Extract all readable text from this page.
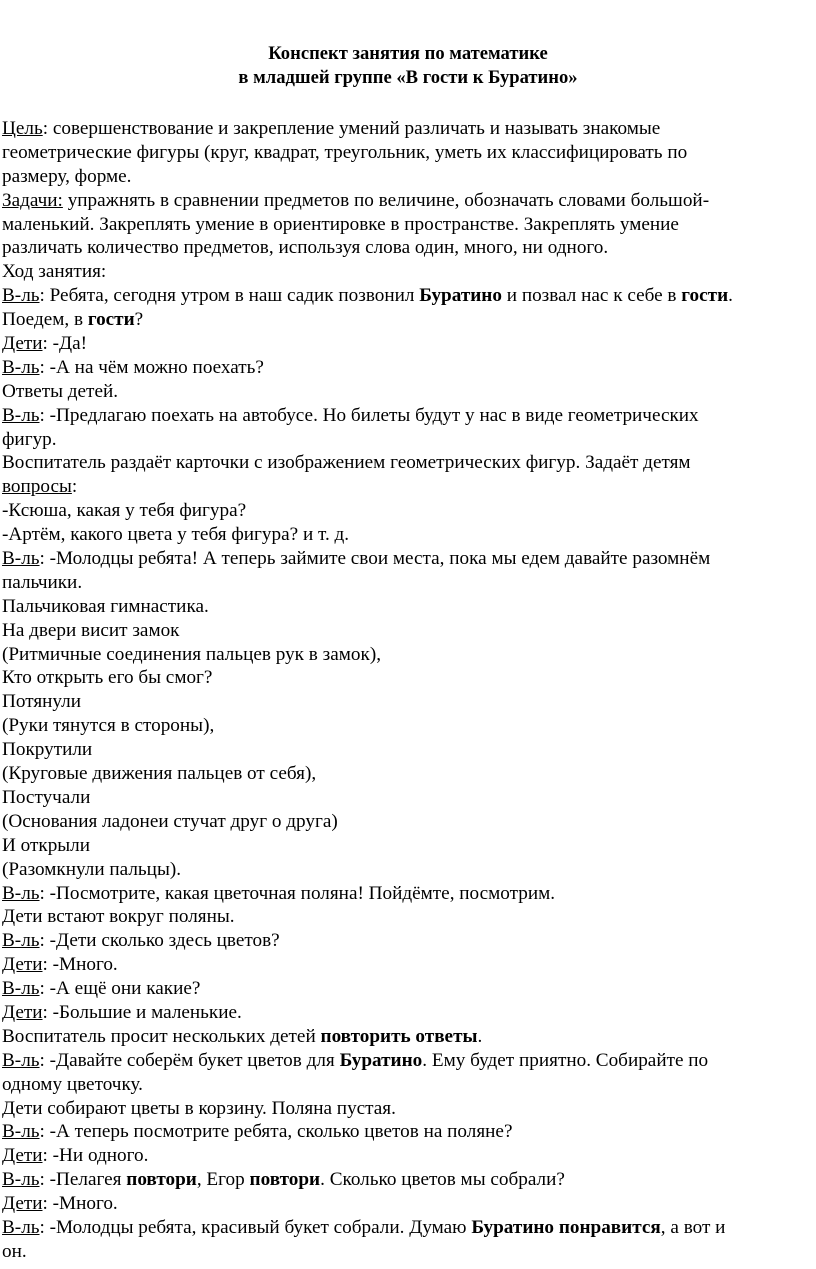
Конспект занятия по математике
в младшей группе «В гости к Буратино»
Цель: совершенствование и закрепление умений различать и называть знакомые
геометрические фигуры (круг, квадрат, треугольник, уметь их классифицировать по
размеру, форме.
Задачи: упражнять в сравнении предметов по величине, обозначать словами большой-
маленький. Закреплять умение в ориентировке в пространстве. Закреплять умение
различать количество предметов, используя слова один, много, ни одного.
Ход занятия:
В-ль: Ребята, сегодня утром в наш садик позвонил Буратино и позвал нас к себе в гости.
Поедем, в гости?
Дети: -Да!
В-ль: -А на чём можно поехать?
Ответы детей.
В-ль: -Предлагаю поехать на автобусе. Но билеты будут у нас в виде геометрических
фигур.
Воспитатель раздаёт карточки с изображением геометрических фигур. Задаёт детям
вопросы:
-Ксюша, какая у тебя фигура?
-Артём, какого цвета у тебя фигура? и т. д.
В-ль: -Молодцы ребята! А теперь займите свои места, пока мы едем давайте разомнём
пальчики.
Пальчиковая гимнастика.
На двери висит замок
(Ритмичные соединения пальцев рук в замок),
Кто открыть его бы смог?
Потянули
(Руки тянутся в стороны),
Покрутили
(Круговые движения пальцев от себя),
Постучали
(Основания ладонеи стучат друг о друга)
И открыли
(Разомкнули пальцы).
В-ль: -Посмотрите, какая цветочная поляна! Пойдёмте, посмотрим.
Дети встают вокруг поляны.
В-ль: -Дети сколько здесь цветов?
Дети: -Много.
В-ль: -А ещё они какие?
Дети: -Большие и маленькие.
Воспитатель просит нескольких детей повторить ответы.
В-ль: -Давайте соберём букет цветов для Буратино. Ему будет приятно. Собирайте по
одному цветочку.
Дети собирают цветы в корзину. Поляна пустая.
В-ль: -А теперь посмотрите ребята, сколько цветов на поляне?
Дети: -Ни одного.
В-ль: -Пелагея повтори, Егор повтори. Сколько цветов мы собрали?
Дети: -Много.
В-ль: -Молодцы ребята, красивый букет собрали. Думаю Буратино понравится, а вот и
он.
